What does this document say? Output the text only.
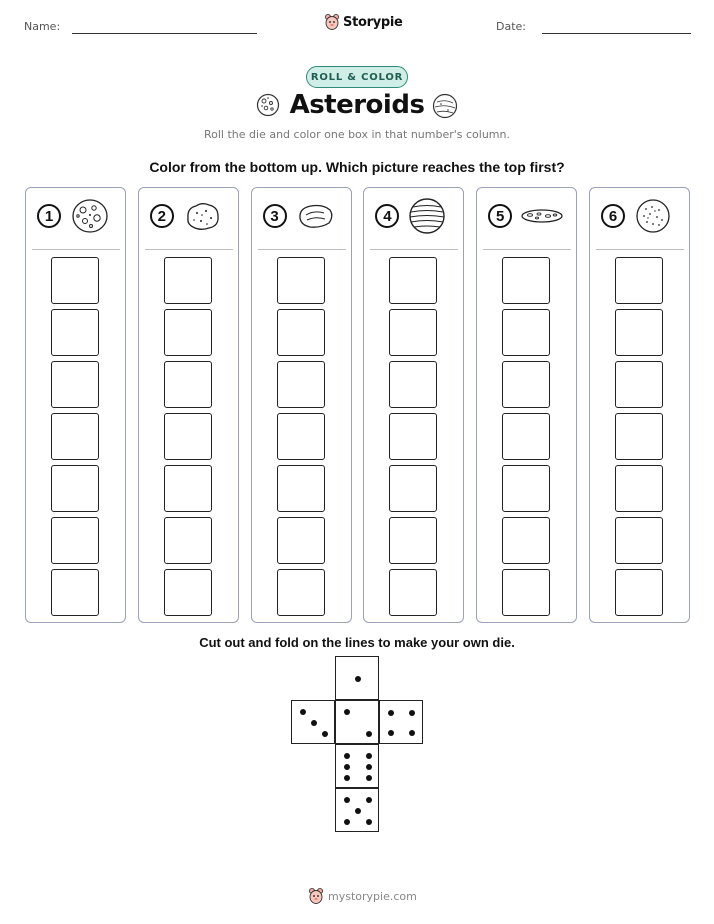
Name:	Storypie	Date:
ROLL & COLOR
Asteroids
Roll the die and color one box in that number's column.
Color from the bottom up. Which picture reaches the top first?
1	2	3	4	5	6
Cut out and fold on the lines to make your own die.
mystorypie.com
